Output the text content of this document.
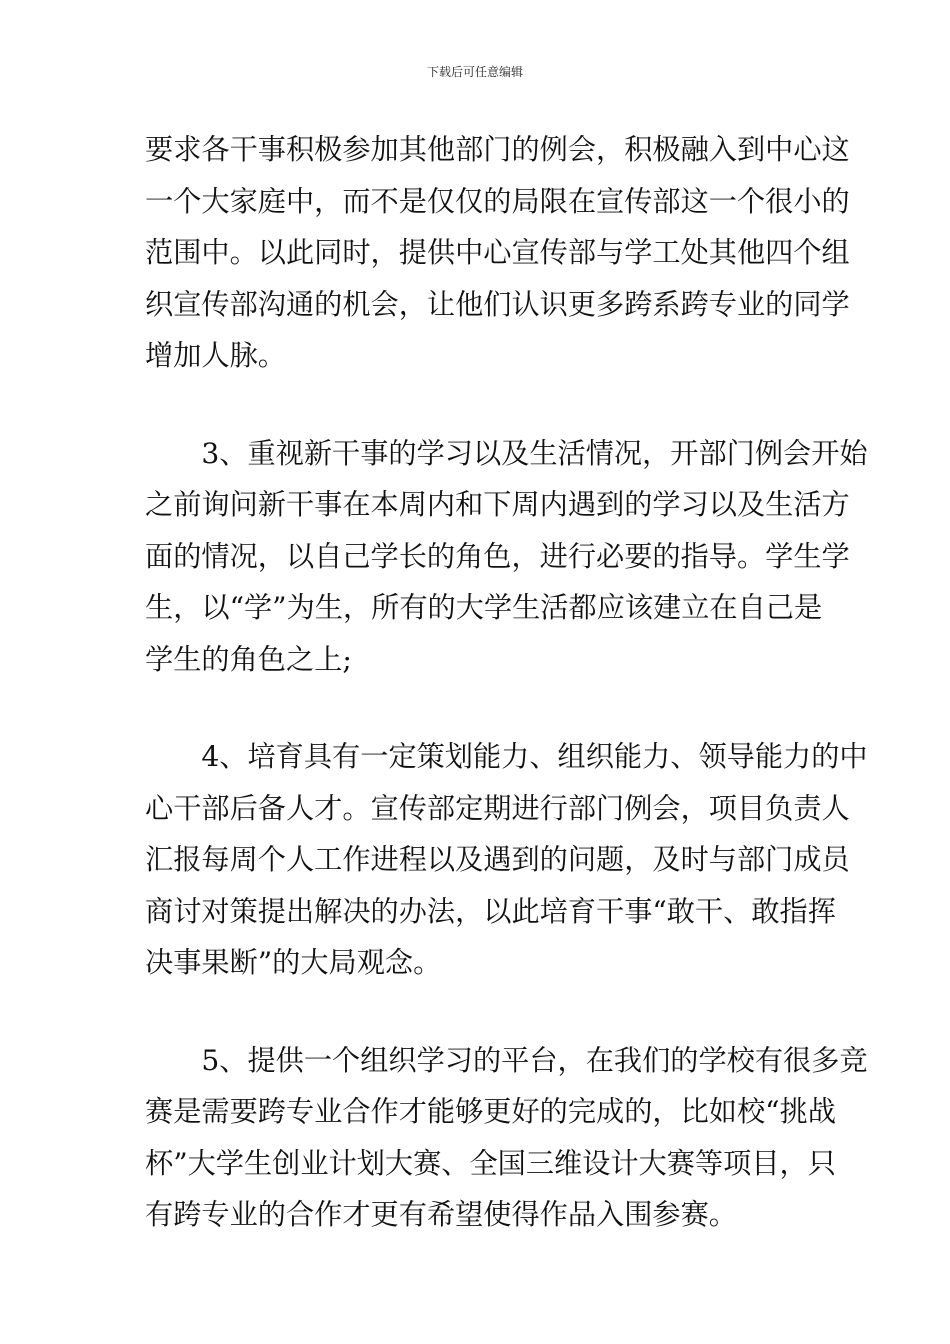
下载后可任意编辑
要求各干事积极参加其他部门的例会，积极融入到中心这
一个大家庭中，而不是仅仅的局限在宣传部这一个很小的
范围中。以此同时，提供中心宣传部与学工处其他四个组
织宣传部沟通的机会，让他们认识更多跨系跨专业的同学
增加人脉。
　　3、重视新干事的学习以及生活情况，开部门例会开始
之前询问新干事在本周内和下周内遇到的学习以及生活方
面的情况，以自己学长的角色，进行必要的指导。学生学
生，以“学”为生，所有的大学生活都应该建立在自己是
学生的角色之上;
　　4、培育具有一定策划能力、组织能力、领导能力的中
心干部后备人才。宣传部定期进行部门例会，项目负责人
汇报每周个人工作进程以及遇到的问题，及时与部门成员
商讨对策提出解决的办法，以此培育干事“敢干、敢指挥
决事果断”的大局观念。
　　5、提供一个组织学习的平台，在我们的学校有很多竞
赛是需要跨专业合作才能够更好的完成的，比如校“挑战
杯”大学生创业计划大赛、全国三维设计大赛等项目，只
有跨专业的合作才更有希望使得作品入围参赛。
